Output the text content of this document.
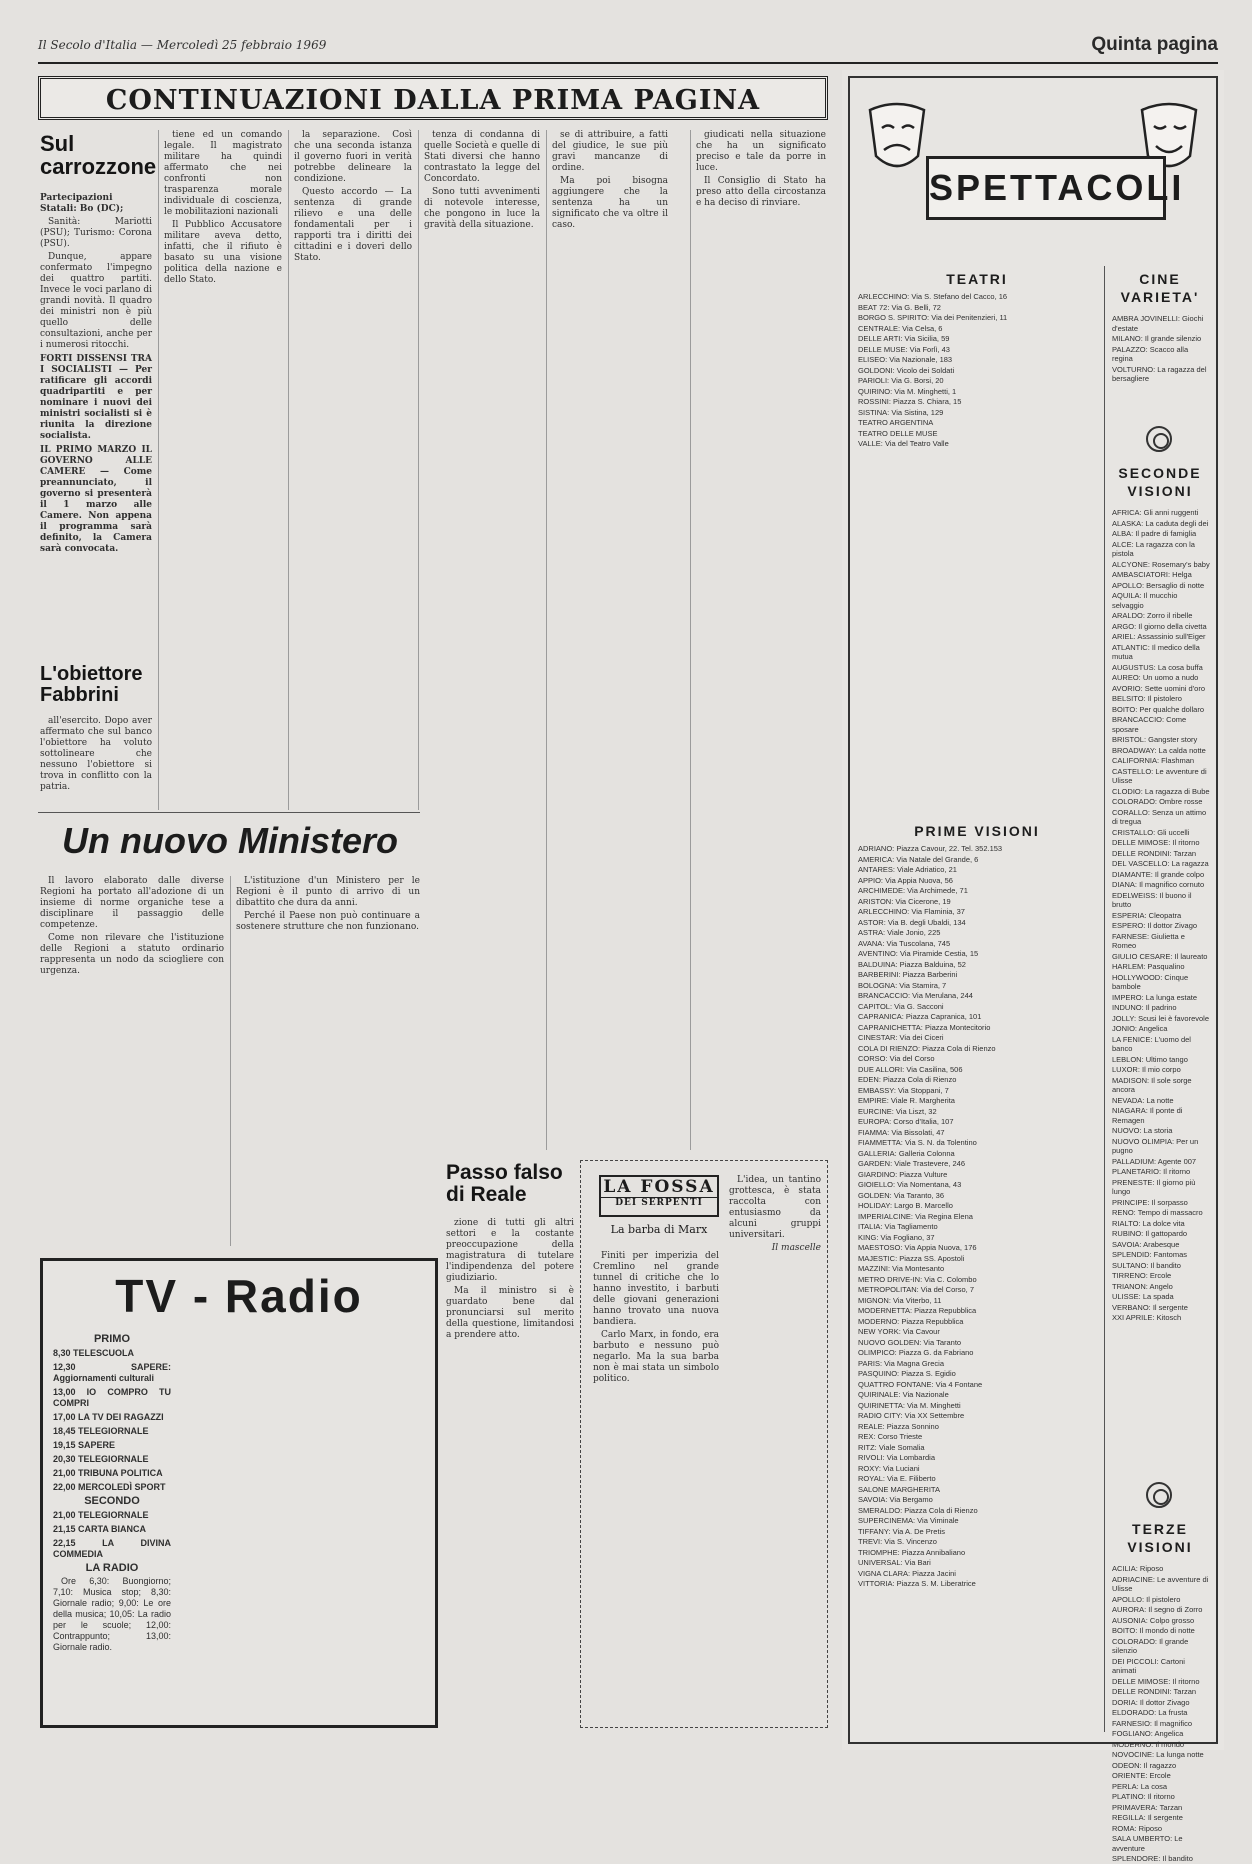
Il Secolo d'Italia — Mercoledì 25 febbraio 1969	Quinta pagina
CONTINUAZIONI DALLA PRIMA PAGINA
Sul carrozzone

Partecipazioni Statali: Bo (DC);

Sanità: Mariotti (PSU); Turismo: Corona (PSU).

Dunque, appare confermato l'impegno dei quattro partiti. Invece le voci parlano di grandi novità. Il quadro dei ministri non è più quello delle consultazioni, anche per i numerosi ritocchi.

FORTI DISSENSI TRA I SOCIALISTI — Per ratificare gli accordi quadripartiti e per nominare i nuovi dei ministri socialisti si è riunita la direzione socialista.

IL PRIMO MARZO IL GOVERNO ALLE CAMERE — Come preannunciato, il governo si presenterà il 1 marzo alle Camere. Non appena il programma sarà definito, la Camera sarà convocata.

L'obiettore Fabbrini

all'esercito. Dopo aver affermato che sul banco l'obiettore ha voluto sottolineare che nessuno l'obiettore si trova in conflitto con la patria.

tiene ed un comando legale. Il magistrato militare ha quindi affermato che nei confronti non trasparenza morale individuale di coscienza, le mobilitazioni nazionali

Il Pubblico Accusatore militare aveva detto, infatti, che il rifiuto è basato su una visione politica della nazione e dello Stato.

la separazione. Così che una seconda istanza il governo fuori in verità potrebbe delineare la condizione.

Questo accordo — La sentenza di grande rilievo e una delle fondamentali per i rapporti tra i diritti dei cittadini e i doveri dello Stato.

tenza di condanna di quelle Società e quelle di Stati diversi che hanno contrastato la legge del Concordato.

Sono tutti avvenimenti di notevole interesse, che pongono in luce la gravità della situazione.

se di attribuire, a fatti del giudice, le sue più gravi mancanze di ordine.

Ma poi bisogna aggiungere che la sentenza ha un significato che va oltre il caso.

giudicati nella situazione che ha un significato preciso e tale da porre in luce.

Il Consiglio di Stato ha preso atto della circostanza e ha deciso di rinviare.

Un nuovo Ministero

Il lavoro elaborato dalle diverse Regioni ha portato all'adozione di un insieme di norme organiche tese a disciplinare il passaggio delle competenze.

Come non rilevare che l'istituzione delle Regioni a statuto ordinario rappresenta un nodo da sciogliere con urgenza.

L'istituzione d'un Ministero per le Regioni è il punto di arrivo di un dibattito che dura da anni.

Perché il Paese non può continuare a sostenere strutture che non funzionano.

TV - Radio

PRIMO

8,30 TELESCUOLA

12,30 SAPERE: Aggiornamenti culturali

13,00 IO COMPRO TU COMPRI

17,00 LA TV DEI RAGAZZI

18,45 TELEGIORNALE

19,15 SAPERE

20,30 TELEGIORNALE

21,00 TRIBUNA POLITICA

22,00 MERCOLEDÌ SPORT

SECONDO

21,00 TELEGIORNALE

21,15 CARTA BIANCA

22,15 LA DIVINA COMMEDIA

LA RADIO

Ore 6,30: Buongiorno; 7,10: Musica stop; 8,30: Giornale radio; 9,00: Le ore della musica; 10,05: La radio per le scuole; 12,00: Contrappunto; 13,00: Giornale radio.

Passo falso di Reale

zione di tutti gli altri settori e la costante preoccupazione della magistratura di tutelare l'indipendenza del potere giudiziario.

Ma il ministro si è guardato bene dal pronunciarsi sul merito della questione, limitandosi a prendere atto.

LA FOSSA
DEI SERPENTI
La barba di Marx

Finiti per imperizia del Cremlino nel grande tunnel di critiche che lo hanno investito, i barbuti delle giovani generazioni hanno trovato una nuova bandiera.

Carlo Marx, in fondo, era barbuto e nessuno può negarlo. Ma la sua barba non è mai stata un simbolo politico.

L'idea, un tantino grottesca, è stata raccolta con entusiasmo da alcuni gruppi universitari.

Il mascelle

SPETTACOLI
TEATRI
ARLECCHINO: Via S. Stefano del Cacco, 16
BEAT 72: Via G. Belli, 72
BORGO S. SPIRITO: Via dei Penitenzieri, 11
CENTRALE: Via Celsa, 6
DELLE ARTI: Via Sicilia, 59
DELLE MUSE: Via Forlì, 43
ELISEO: Via Nazionale, 183
GOLDONI: Vicolo dei Soldati
PARIOLI: Via G. Borsi, 20
QUIRINO: Via M. Minghetti, 1
ROSSINI: Piazza S. Chiara, 15
SISTINA: Via Sistina, 129
TEATRO ARGENTINA
TEATRO DELLE MUSE
VALLE: Via del Teatro Valle
PRIME VISIONI
ADRIANO: Piazza Cavour, 22. Tel. 352.153
AMERICA: Via Natale del Grande, 6
ANTARES: Viale Adriatico, 21
APPIO: Via Appia Nuova, 56
ARCHIMEDE: Via Archimede, 71
ARISTON: Via Cicerone, 19
ARLECCHINO: Via Flaminia, 37
ASTOR: Via B. degli Ubaldi, 134
ASTRA: Viale Jonio, 225
AVANA: Via Tuscolana, 745
AVENTINO: Via Piramide Cestia, 15
BALDUINA: Piazza Balduina, 52
BARBERINI: Piazza Barberini
BOLOGNA: Via Stamira, 7
BRANCACCIO: Via Merulana, 244
CAPITOL: Via G. Sacconi
CAPRANICA: Piazza Capranica, 101
CAPRANICHETTA: Piazza Montecitorio
CINESTAR: Via dei Ciceri
COLA DI RIENZO: Piazza Cola di Rienzo
CORSO: Via del Corso
DUE ALLORI: Via Casilina, 506
EDEN: Piazza Cola di Rienzo
EMBASSY: Via Stoppani, 7
EMPIRE: Viale R. Margherita
EURCINE: Via Liszt, 32
EUROPA: Corso d'Italia, 107
FIAMMA: Via Bissolati, 47
FIAMMETTA: Via S. N. da Tolentino
GALLERIA: Galleria Colonna
GARDEN: Viale Trastevere, 246
GIARDINO: Piazza Vulture
GIOIELLO: Via Nomentana, 43
GOLDEN: Via Taranto, 36
HOLIDAY: Largo B. Marcello
IMPERIALCINE: Via Regina Elena
ITALIA: Via Tagliamento
KING: Via Fogliano, 37
MAESTOSO: Via Appia Nuova, 176
MAJESTIC: Piazza SS. Apostoli
MAZZINI: Via Montesanto
METRO DRIVE-IN: Via C. Colombo
METROPOLITAN: Via del Corso, 7
MIGNON: Via Viterbo, 11
MODERNETTA: Piazza Repubblica
MODERNO: Piazza Repubblica
NEW YORK: Via Cavour
NUOVO GOLDEN: Via Taranto
OLIMPICO: Piazza G. da Fabriano
PARIS: Via Magna Grecia
PASQUINO: Piazza S. Egidio
QUATTRO FONTANE: Via 4 Fontane
QUIRINALE: Via Nazionale
QUIRINETTA: Via M. Minghetti
RADIO CITY: Via XX Settembre
REALE: Piazza Sonnino
REX: Corso Trieste
RITZ: Viale Somalia
RIVOLI: Via Lombardia
ROXY: Via Luciani
ROYAL: Via E. Filiberto
SALONE MARGHERITA
SAVOIA: Via Bergamo
SMERALDO: Piazza Cola di Rienzo
SUPERCINEMA: Via Viminale
TIFFANY: Via A. De Pretis
TREVI: Via S. Vincenzo
TRIOMPHE: Piazza Annibaliano
UNIVERSAL: Via Bari
VIGNA CLARA: Piazza Jacini
VITTORIA: Piazza S. M. Liberatrice
CINE VARIETA'
AMBRA JOVINELLI: Giochi d'estate
MILANO: Il grande silenzio
PALAZZO: Scacco alla regina
VOLTURNO: La ragazza del bersagliere
SECONDE VISIONI
AFRICA: Gli anni ruggenti
ALASKA: La caduta degli dei
ALBA: Il padre di famiglia
ALCE: La ragazza con la pistola
ALCYONE: Rosemary's baby
AMBASCIATORI: Helga
APOLLO: Bersaglio di notte
AQUILA: Il mucchio selvaggio
ARALDO: Zorro il ribelle
ARGO: Il giorno della civetta
ARIEL: Assassinio sull'Eiger
ATLANTIC: Il medico della mutua
AUGUSTUS: La cosa buffa
AUREO: Un uomo a nudo
AVORIO: Sette uomini d'oro
BELSITO: Il pistolero
BOITO: Per qualche dollaro
BRANCACCIO: Come sposare
BRISTOL: Gangster story
BROADWAY: La calda notte
CALIFORNIA: Flashman
CASTELLO: Le avventure di Ulisse
CLODIO: La ragazza di Bube
COLORADO: Ombre rosse
CORALLO: Senza un attimo di tregua
CRISTALLO: Gli uccelli
DELLE MIMOSE: Il ritorno
DELLE RONDINI: Tarzan
DEL VASCELLO: La ragazza
DIAMANTE: Il grande colpo
DIANA: Il magnifico cornuto
EDELWEISS: Il buono il brutto
ESPERIA: Cleopatra
ESPERO: Il dottor Zivago
FARNESE: Giulietta e Romeo
GIULIO CESARE: Il laureato
HARLEM: Pasqualino
HOLLYWOOD: Cinque bambole
IMPERO: La lunga estate
INDUNO: Il padrino
JOLLY: Scusi lei è favorevole
JONIO: Angelica
LA FENICE: L'uomo del banco
LEBLON: Ultimo tango
LUXOR: Il mio corpo
MADISON: Il sole sorge ancora
NEVADA: La notte
NIAGARA: Il ponte di Remagen
NUOVO: La storia
NUOVO OLIMPIA: Per un pugno
PALLADIUM: Agente 007
PLANETARIO: Il ritorno
PRENESTE: Il giorno più lungo
PRINCIPE: Il sorpasso
RENO: Tempo di massacro
RIALTO: La dolce vita
RUBINO: Il gattopardo
SAVOIA: Arabesque
SPLENDID: Fantomas
SULTANO: Il bandito
TIRRENO: Ercole
TRIANON: Angelo
ULISSE: La spada
VERBANO: Il sergente
XXI APRILE: Kitosch
TERZE VISIONI
ACILIA: Riposo
ADRIACINE: Le avventure di Ulisse
APOLLO: Il pistolero
AURORA: Il segno di Zorro
AUSONIA: Colpo grosso
BOITO: Il mondo di notte
COLORADO: Il grande silenzio
DEI PICCOLI: Cartoni animati
DELLE MIMOSE: Il ritorno
DELLE RONDINI: Tarzan
DORIA: Il dottor Zivago
ELDORADO: La frusta
FARNESIO: Il magnifico
FOGLIANO: Angelica
MODERNO: Il mondo
NOVOCINE: La lunga notte
ODEON: Il ragazzo
ORIENTE: Ercole
PERLA: La cosa
PLATINO: Il ritorno
PRIMAVERA: Tarzan
REGILLA: Il sergente
ROMA: Riposo
SALA UMBERTO: Le avventure
SPLENDORE: Il bandito
